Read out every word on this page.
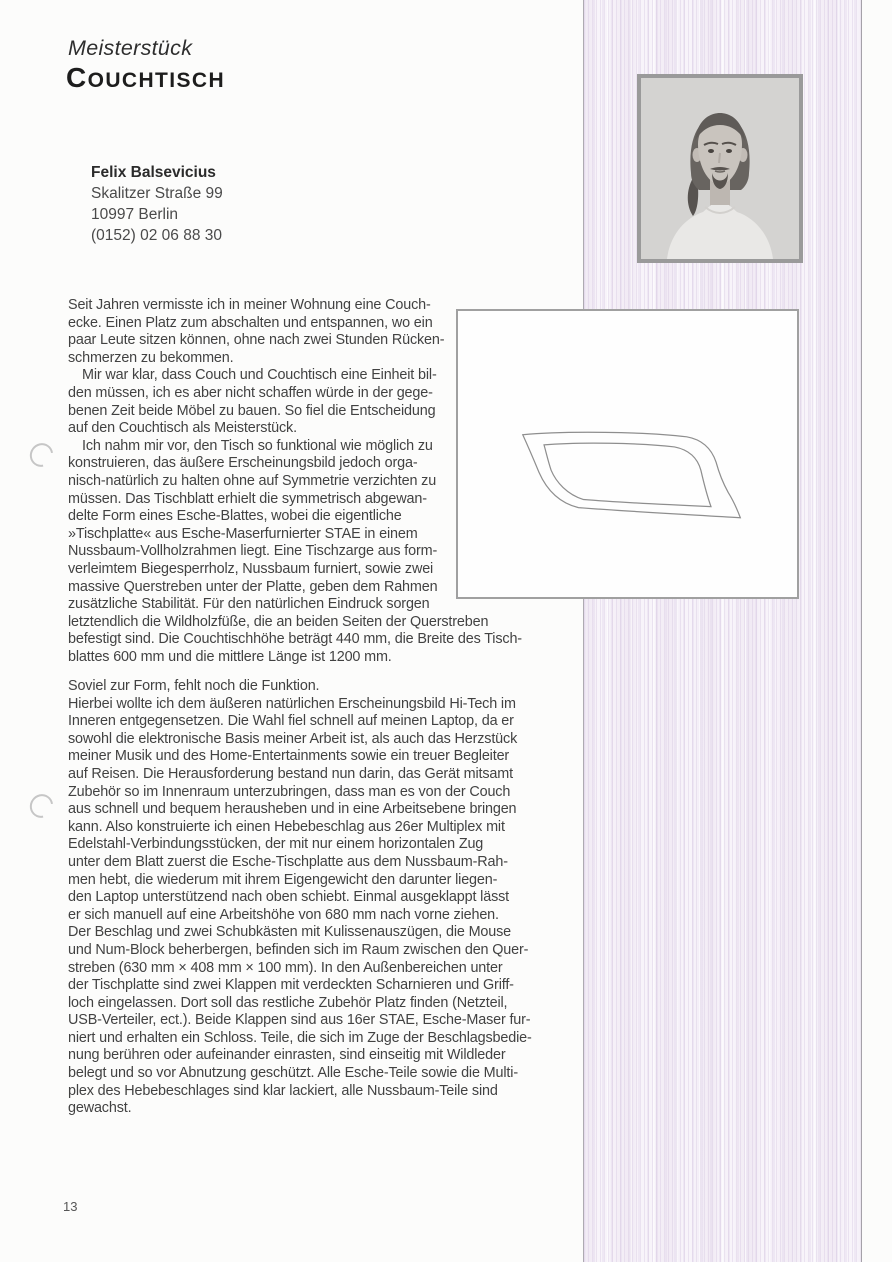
Meisterstück
COUCHTISCH
Felix Balsevicius
Skalitzer Straße 99
10997 Berlin
(0152) 02 06 88 30
Seit Jahren vermisste ich in meiner Wohnung eine Couch-
ecke. Einen Platz zum abschalten und entspannen, wo ein
paar Leute sitzen können, ohne nach zwei Stunden Rücken-
schmerzen zu bekommen.
Mir war klar, dass Couch und Couchtisch eine Einheit bil-
den müssen, ich es aber nicht schaffen würde in der gege-
benen Zeit beide Möbel zu bauen. So fiel die Entscheidung
auf den Couchtisch als Meisterstück.
Ich nahm mir vor, den Tisch so funktional wie möglich zu
konstruieren, das äußere Erscheinungsbild jedoch orga-
nisch-natürlich zu halten ohne auf Symmetrie verzichten zu
müssen. Das Tischblatt erhielt die symmetrisch abgewan-
delte Form eines Esche-Blattes, wobei die eigentliche
»Tischplatte« aus Esche-Maserfurnierter STAE in einem
Nussbaum-Vollholzrahmen liegt. Eine Tischzarge aus form-
verleimtem Biegesperrholz, Nussbaum furniert, sowie zwei
massive Querstreben unter der Platte, geben dem Rahmen
zusätzliche Stabilität. Für den natürlichen Eindruck sorgen
letztendlich die Wildholzfüße, die an beiden Seiten der Querstreben
befestigt sind. Die Couchtischhöhe beträgt 440 mm, die Breite des Tisch-
blattes 600 mm und die mittlere Länge ist 1200 mm.
Soviel zur Form, fehlt noch die Funktion.
Hierbei wollte ich dem äußeren natürlichen Erscheinungsbild Hi-Tech im
Inneren entgegensetzen. Die Wahl fiel schnell auf meinen Laptop, da er
sowohl die elektronische Basis meiner Arbeit ist, als auch das Herzstück
meiner Musik und des Home-Entertainments sowie ein treuer Begleiter
auf Reisen. Die Herausforderung bestand nun darin, das Gerät mitsamt
Zubehör so im Innenraum unterzubringen, dass man es von der Couch
aus schnell und bequem herausheben und in eine Arbeitsebene bringen
kann. Also konstruierte ich einen Hebebeschlag aus 26er Multiplex mit
Edelstahl-Verbindungsstücken, der mit nur einem horizontalen Zug
unter dem Blatt zuerst die Esche-Tischplatte aus dem Nussbaum-Rah-
men hebt, die wiederum mit ihrem Eigengewicht den darunter liegen-
den Laptop unterstützend nach oben schiebt. Einmal ausgeklappt lässt
er sich manuell auf eine Arbeitshöhe von 680 mm nach vorne ziehen.
Der Beschlag und zwei Schubkästen mit Kulissenauszügen, die Mouse
und Num-Block beherbergen, befinden sich im Raum zwischen den Quer-
streben (630 mm × 408 mm × 100 mm). In den Außenbereichen unter
der Tischplatte sind zwei Klappen mit verdeckten Scharnieren und Griff-
loch eingelassen. Dort soll das restliche Zubehör Platz finden (Netzteil,
USB-Verteiler, ect.). Beide Klappen sind aus 16er STAE, Esche-Maser fur-
niert und erhalten ein Schloss. Teile, die sich im Zuge der Beschlagsbedie-
nung berühren oder aufeinander einrasten, sind einseitig mit Wildleder
belegt und so vor Abnutzung geschützt. Alle Esche-Teile sowie die Multi-
plex des Hebebeschlages sind klar lackiert, alle Nussbaum-Teile sind
gewachst.
13
